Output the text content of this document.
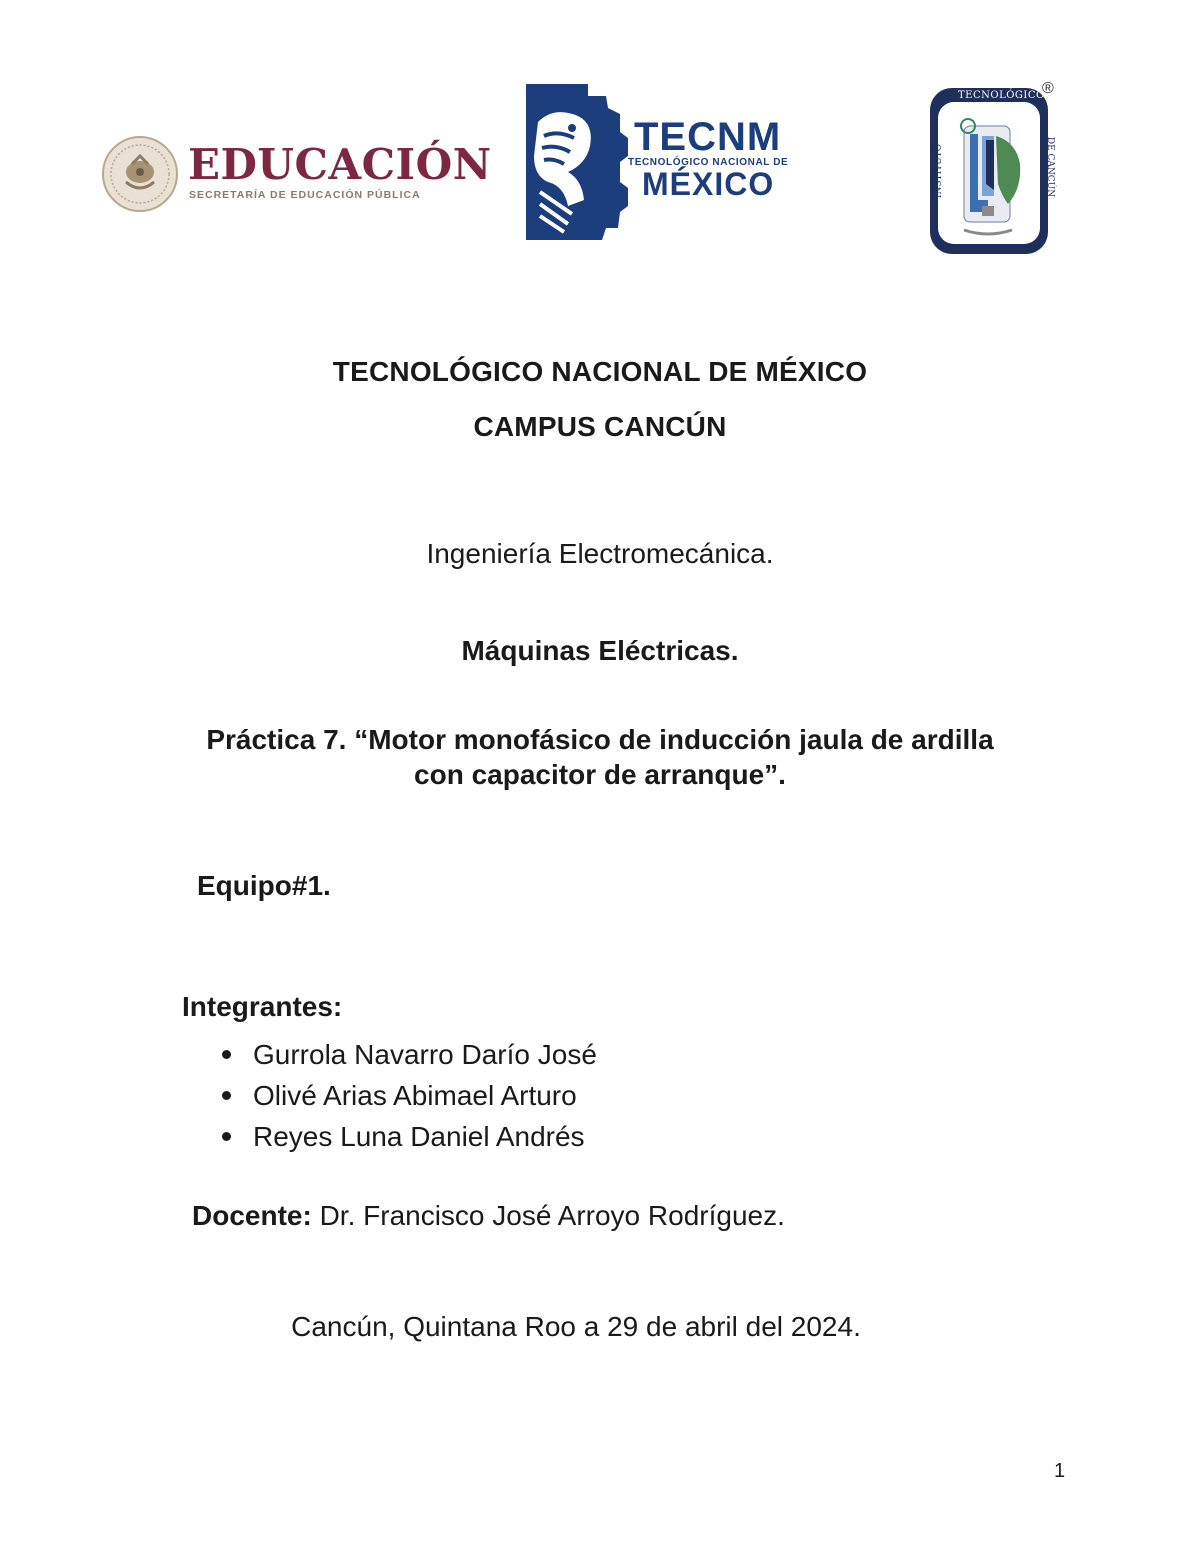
EDUCACIÓN
SECRETARÍA DE EDUCACIÓN PÚBLICA
TECNM
TECNOLÓGICO NACIONAL DE
MÉXICO
TECNOLÓGICO
INSTITUTO	DE CANCÚN
®
TECNOLÓGICO NACIONAL DE MÉXICO
CAMPUS CANCÚN
Ingeniería Electromecánica.
Máquinas Eléctricas.
Práctica 7. “Motor monofásico de inducción jaula de ardilla
con capacitor de arranque”.
Equipo#1.
Integrantes:
Gurrola Navarro Darío José
Olivé Arias Abimael Arturo
Reyes Luna Daniel Andrés
Docente: Dr. Francisco José Arroyo Rodríguez.
Cancún, Quintana Roo a 29 de abril del 2024.
1
